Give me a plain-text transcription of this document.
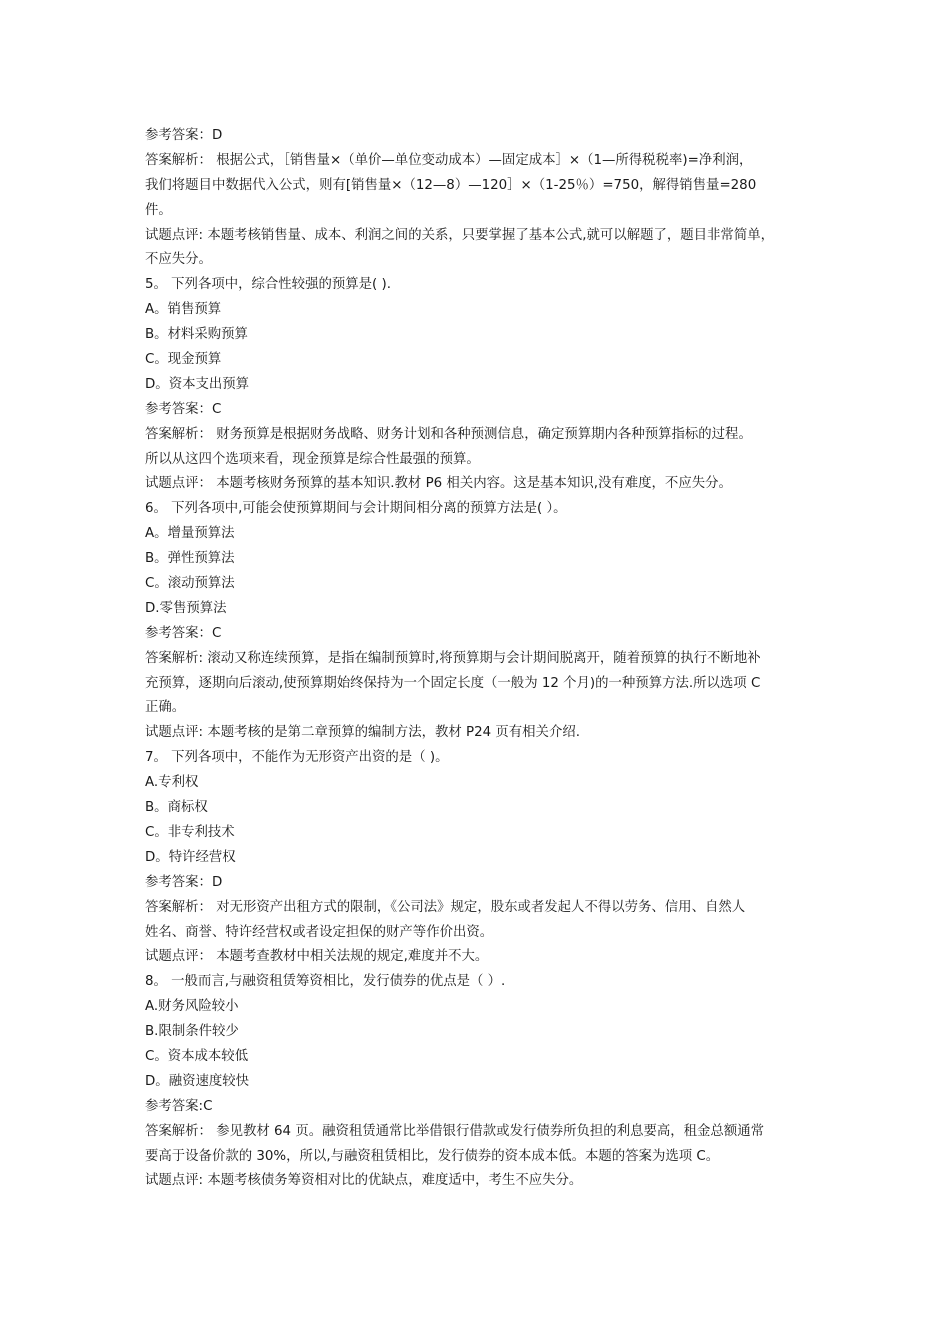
参考答案：D
答案解析： 根据公式，［销售量×（单价—单位变动成本）—固定成本］×（1—所得税税率)=净利润，
我们将题目中数据代入公式，则有[销售量×（12—8）—120］×（1-25％）=750，解得销售量=280
件。
试题点评: 本题考核销售量、成本、利润之间的关系，只要掌握了基本公式,就可以解题了，题目非常简单，
不应失分。
5。 下列各项中，综合性较强的预算是( ).
A。销售预算
B。材料采购预算
C。现金预算
D。资本支出预算
参考答案：C
答案解析： 财务预算是根据财务战略、财务计划和各种预测信息，确定预算期内各种预算指标的过程。
所以从这四个选项来看，现金预算是综合性最强的预算。
试题点评： 本题考核财务预算的基本知识.教材 P6 相关内容。这是基本知识,没有难度，不应失分。
6。 下列各项中,可能会使预算期间与会计期间相分离的预算方法是( ）。
A。增量预算法
B。弹性预算法
C。滚动预算法
D.零售预算法
参考答案：C
答案解析: 滚动又称连续预算，是指在编制预算时,将预算期与会计期间脱离开，随着预算的执行不断地补
充预算，逐期向后滚动,使预算期始终保持为一个固定长度（一般为 12 个月)的一种预算方法.所以选项 C
正确。
试题点评: 本题考核的是第二章预算的编制方法，教材 P24 页有相关介绍.
7。 下列各项中，不能作为无形资产出资的是（ )。
A.专利权
B。商标权
C。非专利技术
D。特许经营权
参考答案：D
答案解析： 对无形资产出租方式的限制，《公司法》规定，股东或者发起人不得以劳务、信用、自然人
姓名、商誉、特许经营权或者设定担保的财产等作价出资。
试题点评： 本题考查教材中相关法规的规定,难度并不大。
8。 一般而言,与融资租赁筹资相比，发行债券的优点是（ ）.
A.财务风险较小
B.限制条件较少
C。资本成本较低
D。融资速度较快
参考答案:C
答案解析： 参见教材 64 页。融资租赁通常比举借银行借款或发行债券所负担的利息要高，租金总额通常
要高于设备价款的 30%，所以,与融资租赁相比，发行债券的资本成本低。本题的答案为选项 C。
试题点评: 本题考核债务筹资相对比的优缺点，难度适中，考生不应失分。
